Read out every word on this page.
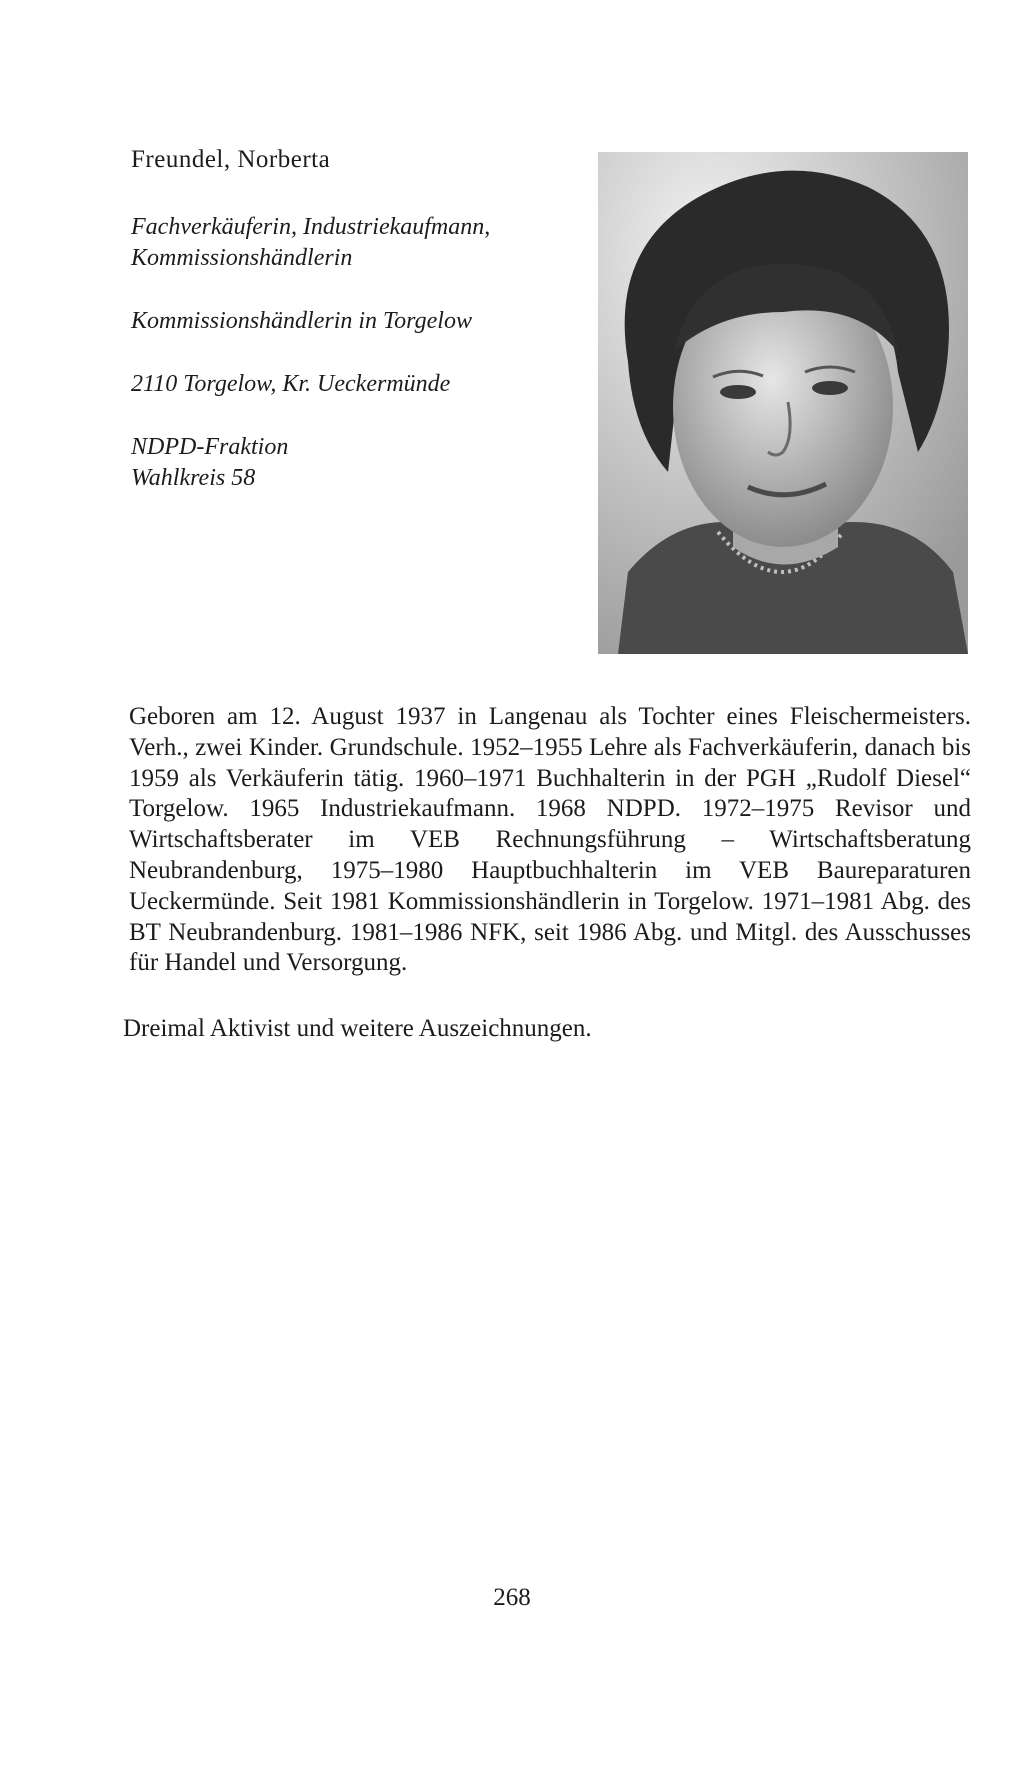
Freundel, Norberta

Fachverkäuferin, Industriekaufmann,
Kommissionshändlerin

Kommissionshändlerin in Torgelow

2110 Torgelow, Kr. Ueckermünde

NDPD-Fraktion
Wahlkreis 58

Geboren am 12. August 1937 in Langenau als Tochter eines Fleischermeisters. Verh., zwei Kinder. Grundschule. 1952–1955 Lehre als Fachverkäuferin, danach bis 1959 als Verkäuferin tätig. 1960–1971 Buchhalterin in der PGH „Rudolf Diesel“ Torgelow. 1965 Industriekaufmann. 1968 NDPD. 1972–1975 Revisor und Wirtschaftsberater im VEB Rechnungsführung – Wirtschaftsberatung Neubrandenburg, 1975–1980 Hauptbuchhalterin im VEB Baureparaturen Ueckermünde. Seit 1981 Kommissionshändlerin in Torgelow. 1971–1981 Abg. des BT Neubrandenburg. 1981–1986 NFK, seit 1986 Abg. und Mitgl. des Ausschusses für Handel und Versorgung.

Dreimal Aktivist und weitere Auszeichnungen.

268
